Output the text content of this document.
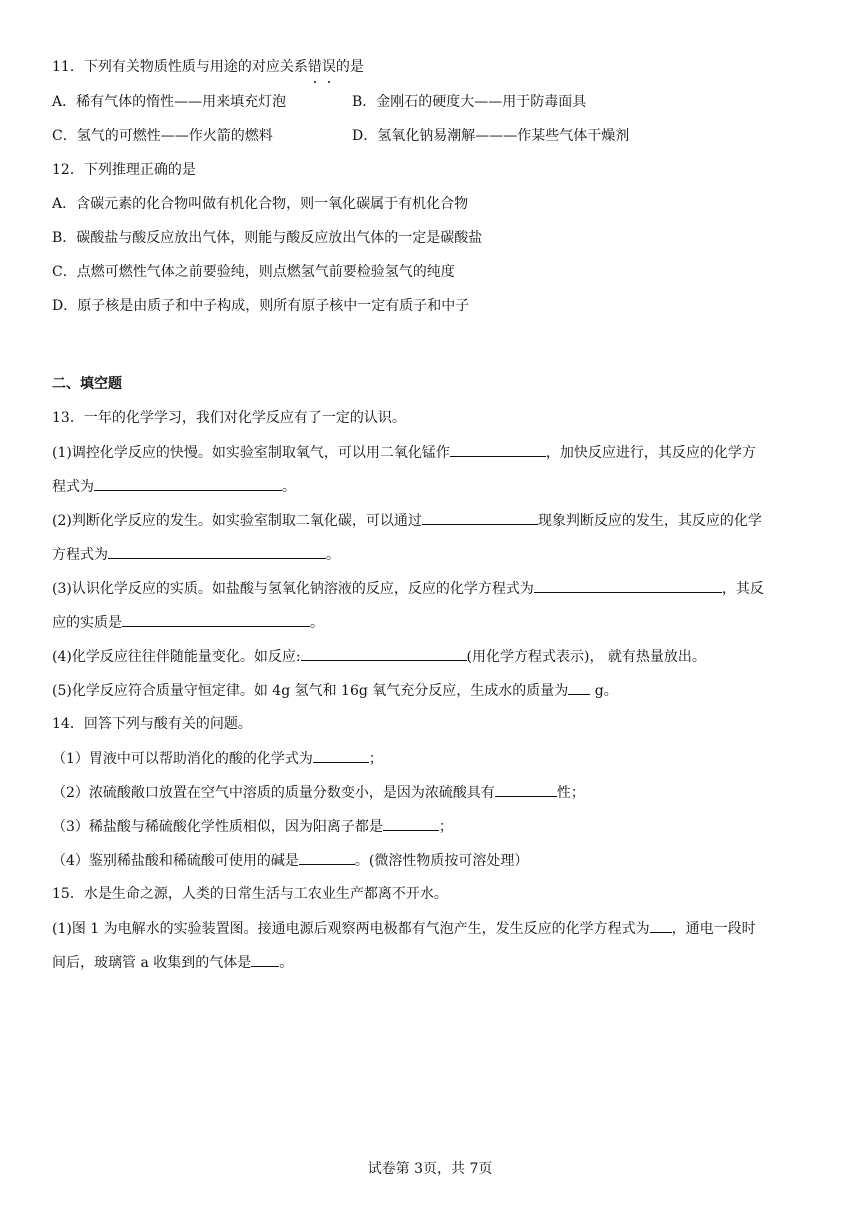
11．下列有关物质性质与用途的对应关系错误
的是
A．稀有气体的惰性——用来填充灯泡	B．金刚石的硬度大——用于防毒面具
C．氢气的可燃性——作火箭的燃料	D．氢氧化钠易潮解———作某些气体干燥剂
12．下列推理正确的是
A．含碳元素的化合物叫做有机化合物，则一氧化碳属于有机化合物
B．碳酸盐与酸反应放出气体，则能与酸反应放出气体的一定是碳酸盐
C．点燃可燃性气体之前要验纯，则点燃氢气前要检验氢气的纯度
D．原子核是由质子和中子构成，则所有原子核中一定有质子和中子
二、填空题
13．一年的化学学习，我们对化学反应有了一定的认识。
(1)调控化学反应的快慢。如实验室制取氧气，可以用二氧化锰作	，加快反应进行，其反应的化学方
程式为	。
(2)判断化学反应的发生。如实验室制取二氧化碳，可以通过	现象判断反应的发生，其反应的化学
方程式为	。
(3)认识化学反应的实质。如盐酸与氢氧化钠溶液的反应，反应的化学方程式为	，其反
应的实质是	。
(4)化学反应往往伴随能量变化。如反应:	(用化学方程式表示)， 就有热量放出。
(5)化学反应符合质量守恒定律。如 4g 氢气和 16g 氧气充分反应，生成水的质量为 g。
14．回答下列与酸有关的问题。
（1）胃液中可以帮助消化的酸的化学式为	；
（2）浓硫酸敞口放置在空气中溶质的质量分数变小，是因为浓硫酸具有	性；
（3）稀盐酸与稀硫酸化学性质相似，因为阳离子都是	；
（4）鉴别稀盐酸和稀硫酸可使用的碱是	。(微溶性物质按可溶处理）
15．水是生命之源，人类的日常生活与工农业生产都离不开水。
(1)图 1 为电解水的实验装置图。接通电源后观察两电极都有气泡产生，发生反应的化学方程式为 ，通电一段时
间后，玻璃管 a 收集到的气体是 。
试卷第 3页，共 7页
